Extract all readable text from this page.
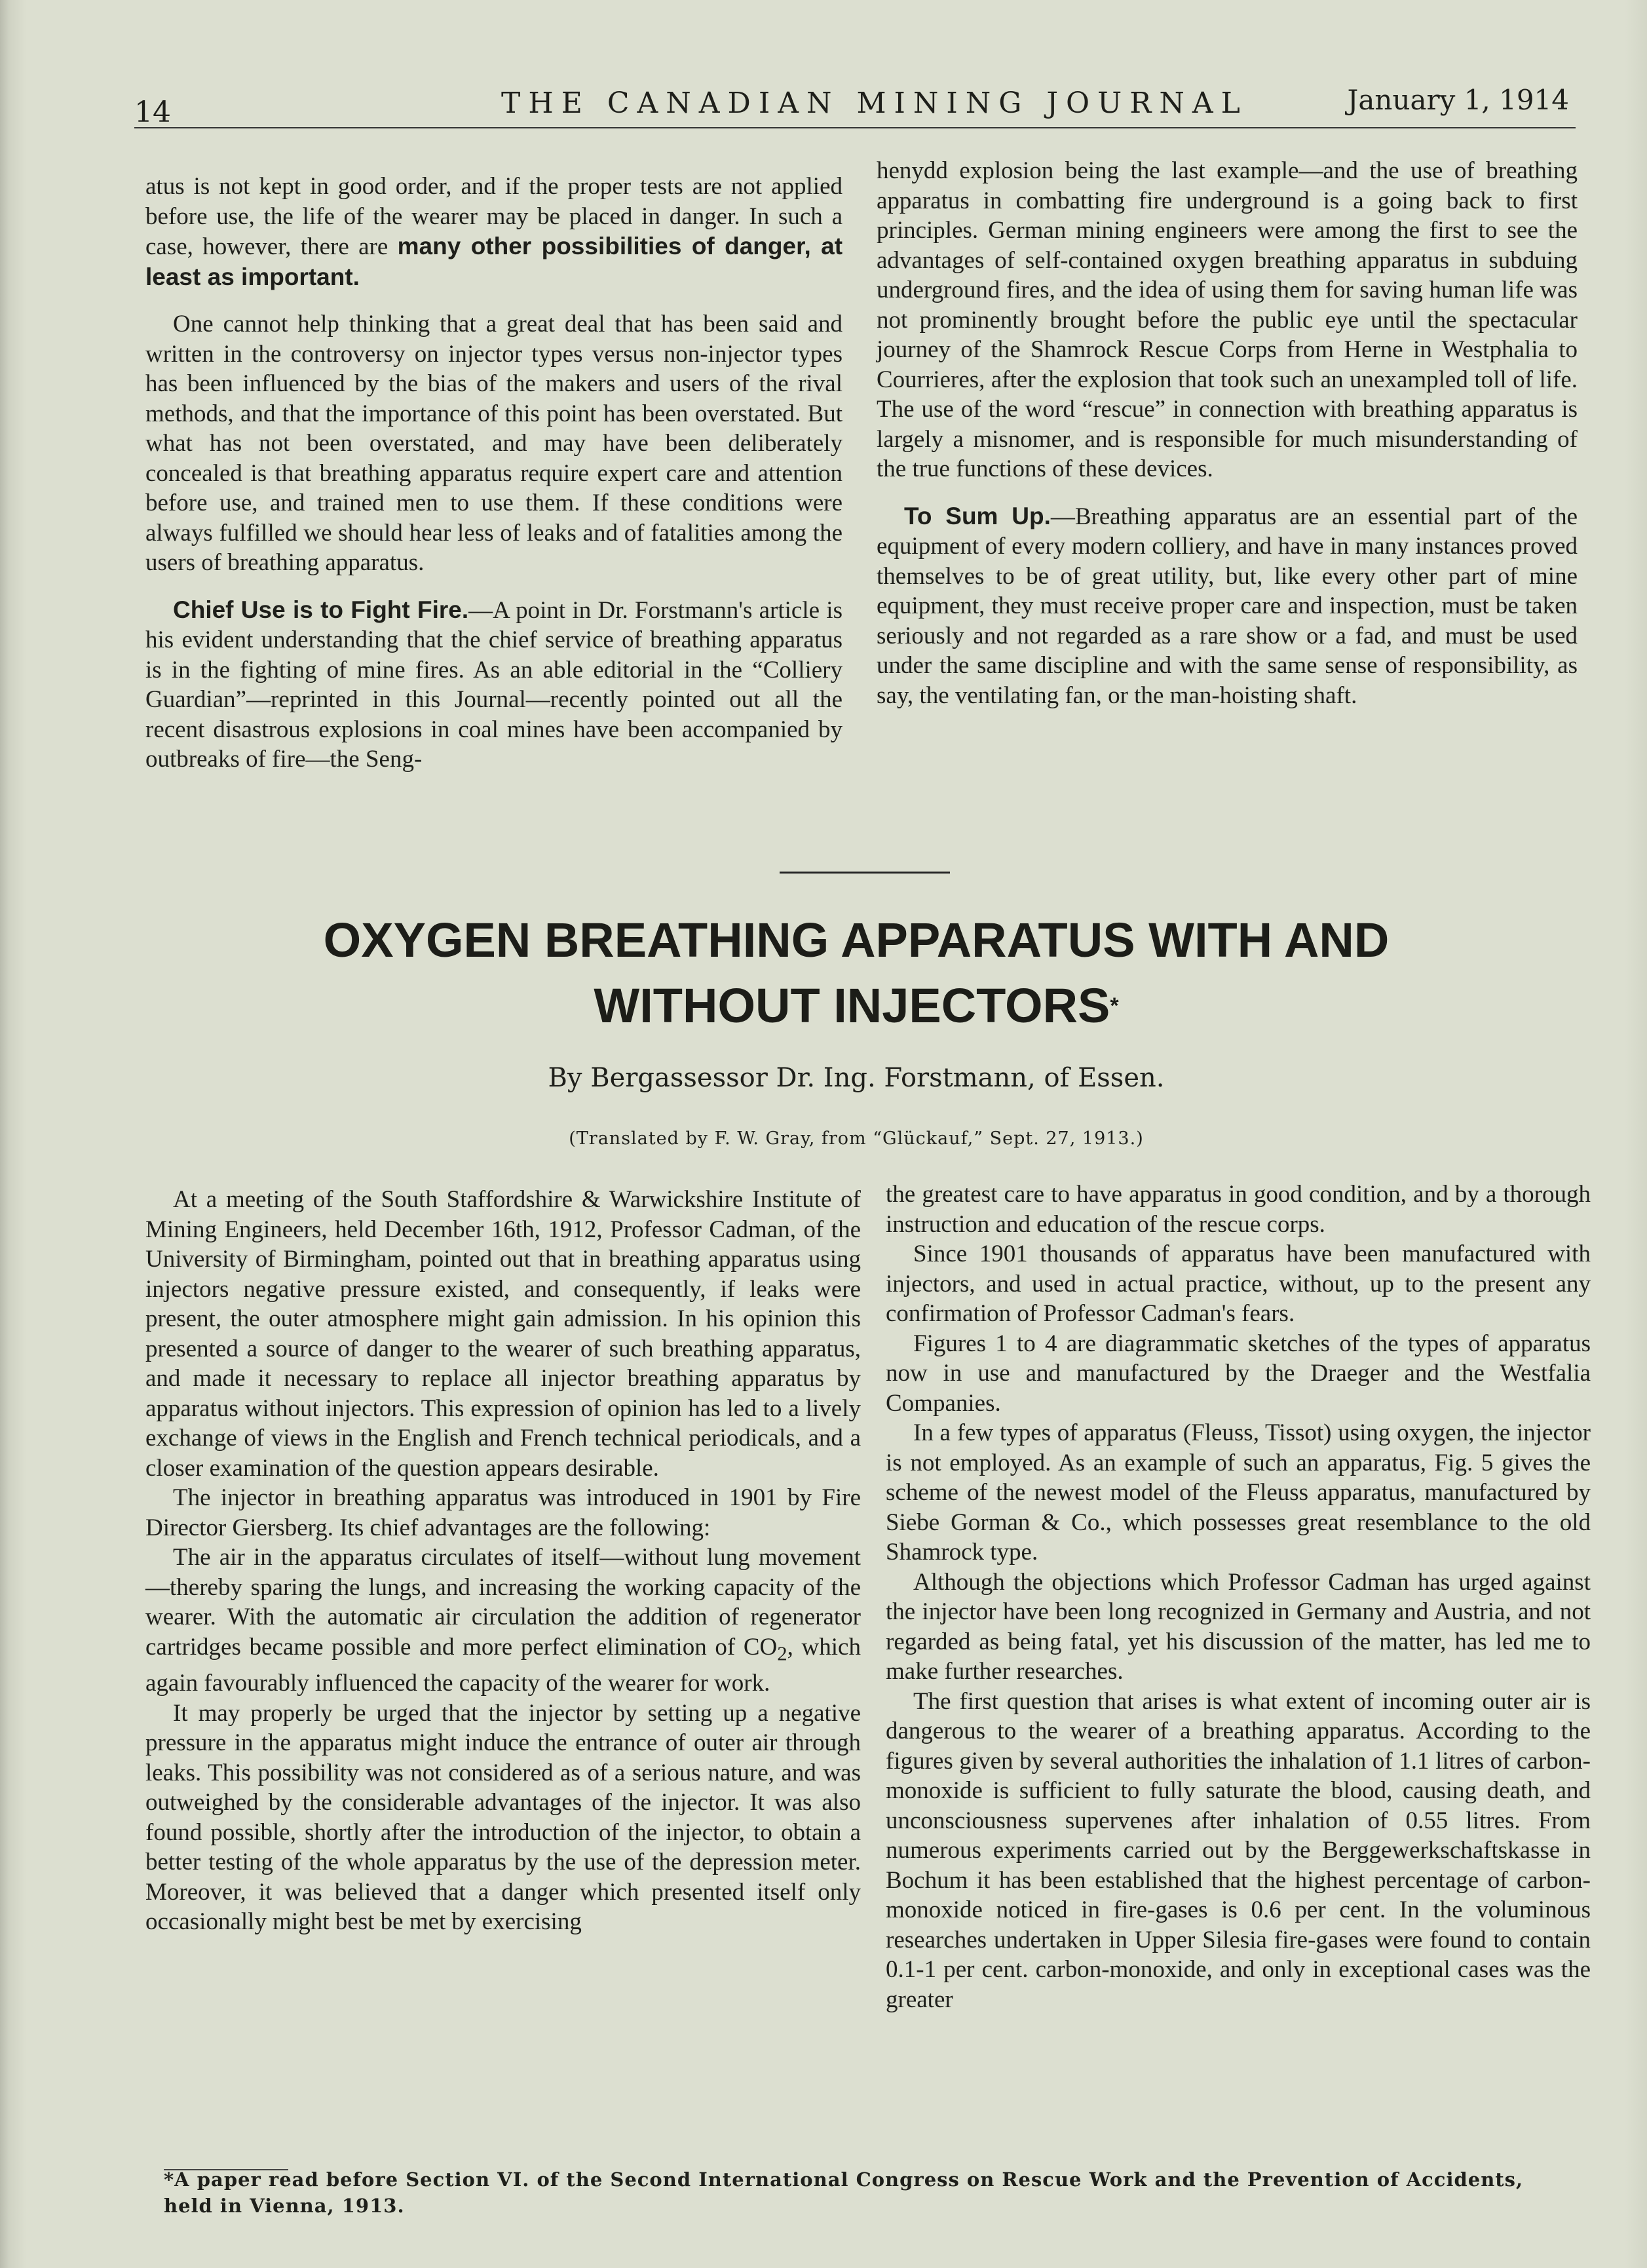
14	THE CANADIAN MINING JOURNAL	January 1, 1914

atus is not kept in good order, and if the proper tests are not applied before use, the life of the wearer may be placed in danger. In such a case, however, there are many other possibilities of danger, at least as important.

One cannot help thinking that a great deal that has been said and written in the controversy on injector types versus non-injector types has been influenced by the bias of the makers and users of the rival methods, and that the importance of this point has been overstated. But what has not been overstated, and may have been deliberately concealed is that breathing apparatus require expert care and attention before use, and trained men to use them. If these conditions were always fulfilled we should hear less of leaks and of fatalities among the users of breathing apparatus.

Chief Use is to Fight Fire.—A point in Dr. Forstmann's article is his evident understanding that the chief service of breathing apparatus is in the fighting of mine fires. As an able editorial in the “Colliery Guardian”—reprinted in this Journal—recently pointed out all the recent disastrous explosions in coal mines have been accompanied by outbreaks of fire—the Seng-

henydd explosion being the last example—and the use of breathing apparatus in combatting fire underground is a going back to first principles. German mining engineers were among the first to see the advantages of self-contained oxygen breathing apparatus in subduing underground fires, and the idea of using them for saving human life was not prominently brought before the public eye until the spectacular journey of the Shamrock Rescue Corps from Herne in Westphalia to Courrieres, after the explosion that took such an unexampled toll of life. The use of the word “rescue” in connection with breathing apparatus is largely a misnomer, and is responsible for much misunderstanding of the true functions of these devices.

To Sum Up.—Breathing apparatus are an essential part of the equipment of every modern colliery, and have in many instances proved themselves to be of great utility, but, like every other part of mine equipment, they must receive proper care and inspection, must be taken seriously and not regarded as a rare show or a fad, and must be used under the same discipline and with the same sense of responsibility, as say, the ventilating fan, or the man-hoisting shaft.

OXYGEN BREATHING APPARATUS WITH AND
WITHOUT INJECTORS*
By Bergassessor Dr. Ing. Forstmann, of Essen.
(Translated by F. W. Gray, from “Glückauf,” Sept. 27, 1913.)

At a meeting of the South Staffordshire & Warwickshire Institute of Mining Engineers, held December 16th, 1912, Professor Cadman, of the University of Birmingham, pointed out that in breathing apparatus using injectors negative pressure existed, and consequently, if leaks were present, the outer atmosphere might gain admission. In his opinion this presented a source of danger to the wearer of such breathing apparatus, and made it necessary to replace all injector breathing apparatus by apparatus without injectors. This expression of opinion has led to a lively exchange of views in the English and French technical periodicals, and a closer examination of the question appears desirable.

The injector in breathing apparatus was introduced in 1901 by Fire Director Giersberg. Its chief advantages are the following:

The air in the apparatus circulates of itself—without lung movement—thereby sparing the lungs, and increasing the working capacity of the wearer. With the automatic air circulation the addition of regenerator cartridges became possible and more perfect elimination of $CO_2$, which again favourably influenced the capacity of the wearer for work.

It may properly be urged that the injector by setting up a negative pressure in the apparatus might induce the entrance of outer air through leaks. This possibility was not considered as of a serious nature, and was outweighed by the considerable advantages of the injector. It was also found possible, shortly after the introduction of the injector, to obtain a better testing of the whole apparatus by the use of the depression meter. Moreover, it was believed that a danger which presented itself only occasionally might best be met by exercising

the greatest care to have apparatus in good condition, and by a thorough instruction and education of the rescue corps.

Since 1901 thousands of apparatus have been manufactured with injectors, and used in actual practice, without, up to the present any confirmation of Professor Cadman's fears.

Figures 1 to 4 are diagrammatic sketches of the types of apparatus now in use and manufactured by the Draeger and the Westfalia Companies.

In a few types of apparatus (Fleuss, Tissot) using oxygen, the injector is not employed. As an example of such an apparatus, Fig. 5 gives the scheme of the newest model of the Fleuss apparatus, manufactured by Siebe Gorman & Co., which possesses great resemblance to the old Shamrock type.

Although the objections which Professor Cadman has urged against the injector have been long recognized in Germany and Austria, and not regarded as being fatal, yet his discussion of the matter, has led me to make further researches.

The first question that arises is what extent of incoming outer air is dangerous to the wearer of a breathing apparatus. According to the figures given by several authorities the inhalation of 1.1 litres of carbon-monoxide is sufficient to fully saturate the blood, causing death, and unconsciousness supervenes after inhalation of 0.55 litres. From numerous experiments carried out by the Berggewerkschaftskasse in Bochum it has been established that the highest percentage of carbon-monoxide noticed in fire-gases is 0.6 per cent. In the voluminous researches undertaken in Upper Silesia fire-gases were found to contain 0.1-1 per cent. carbon-monoxide, and only in exceptional cases was the greater

*A paper read before Section VI. of the Second International Congress on Rescue Work and the Prevention of Accidents, held in Vienna, 1913.
